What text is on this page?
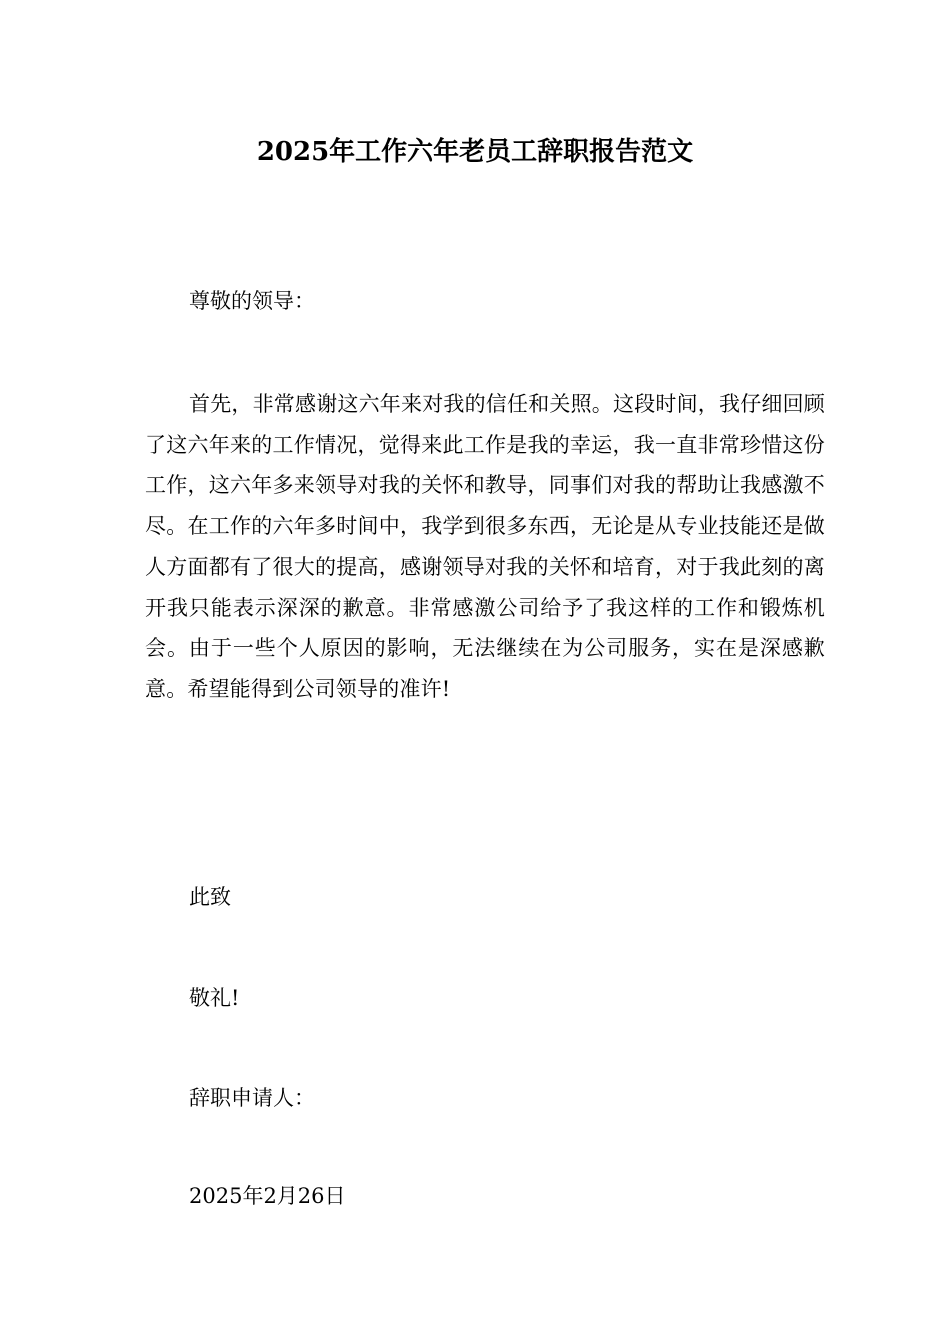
2025年工作六年老员工辞职报告范文
尊敬的领导：

首先，非常感谢这六年来对我的信任和关照。这段时间，我仔细回顾了这六年来的工作情况，觉得来此工作是我的幸运，我一直非常珍惜这份工作，这六年多来领导对我的关怀和教导，同事们对我的帮助让我感激不尽。在工作的六年多时间中，我学到很多东西，无论是从专业技能还是做人方面都有了很大的提高，感谢领导对我的关怀和培育，对于我此刻的离开我只能表示深深的歉意。非常感激公司给予了我这样的工作和锻炼机会。由于一些个人原因的影响，无法继续在为公司服务，实在是深感歉意。希望能得到公司领导的准许!

此致
敬礼!
辞职申请人：
2025年2月26日
